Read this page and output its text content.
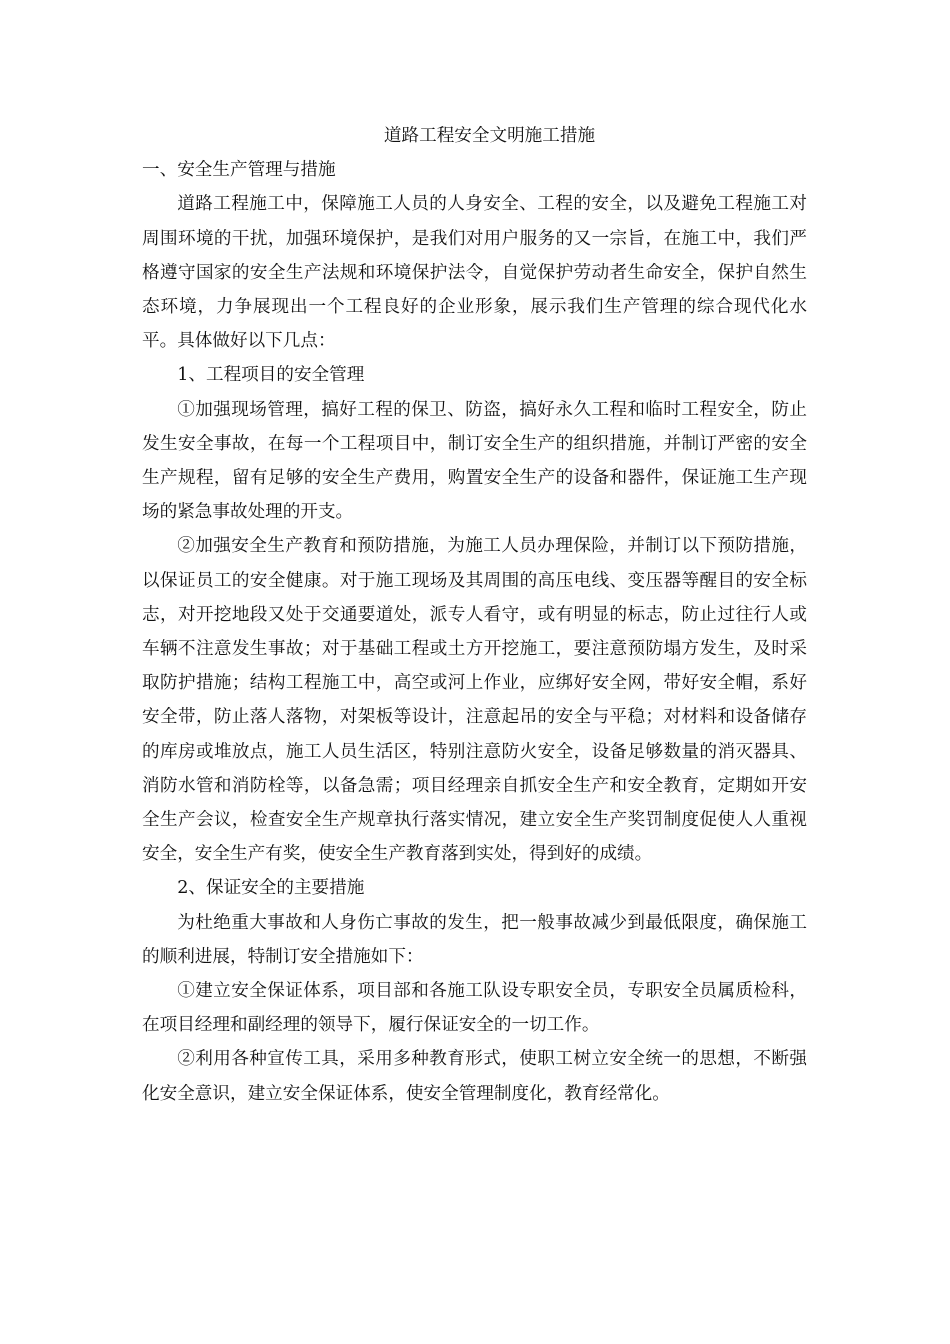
道路工程安全文明施工措施

一、安全生产管理与措施

道路工程施工中，保障施工人员的人身安全、工程的安全，以及避免工程施工对周围环境的干扰，加强环境保护，是我们对用户服务的又一宗旨，在施工中，我们严格遵守国家的安全生产法规和环境保护法令，自觉保护劳动者生命安全，保护自然生态环境，力争展现出一个工程良好的企业形象，展示我们生产管理的综合现代化水平。具体做好以下几点：

1、工程项目的安全管理

①加强现场管理，搞好工程的保卫、防盗，搞好永久工程和临时工程安全，防止发生安全事故，在每一个工程项目中，制订安全生产的组织措施，并制订严密的安全生产规程，留有足够的安全生产费用，购置安全生产的设备和器件，保证施工生产现场的紧急事故处理的开支。

②加强安全生产教育和预防措施，为施工人员办理保险，并制订以下预防措施，以保证员工的安全健康。对于施工现场及其周围的高压电线、变压器等醒目的安全标志，对开挖地段又处于交通要道处，派专人看守，或有明显的标志，防止过往行人或车辆不注意发生事故；对于基础工程或土方开挖施工，要注意预防塌方发生，及时采取防护措施；结构工程施工中，高空或河上作业，应绑好安全网，带好安全帽，系好安全带，防止落人落物，对架板等设计，注意起吊的安全与平稳；对材料和设备储存的库房或堆放点，施工人员生活区，特别注意防火安全，设备足够数量的消灭器具、消防水管和消防栓等，以备急需；项目经理亲自抓安全生产和安全教育，定期如开安全生产会议，检查安全生产规章执行落实情况，建立安全生产奖罚制度促使人人重视安全，安全生产有奖，使安全生产教育落到实处，得到好的成绩。

2、保证安全的主要措施

为杜绝重大事故和人身伤亡事故的发生，把一般事故减少到最低限度，确保施工的顺利进展，特制订安全措施如下：

①建立安全保证体系，项目部和各施工队设专职安全员，专职安全员属质检科，在项目经理和副经理的领导下，履行保证安全的一切工作。

②利用各种宣传工具，采用多种教育形式，使职工树立安全统一的思想，不断强化安全意识，建立安全保证体系，使安全管理制度化，教育经常化。
